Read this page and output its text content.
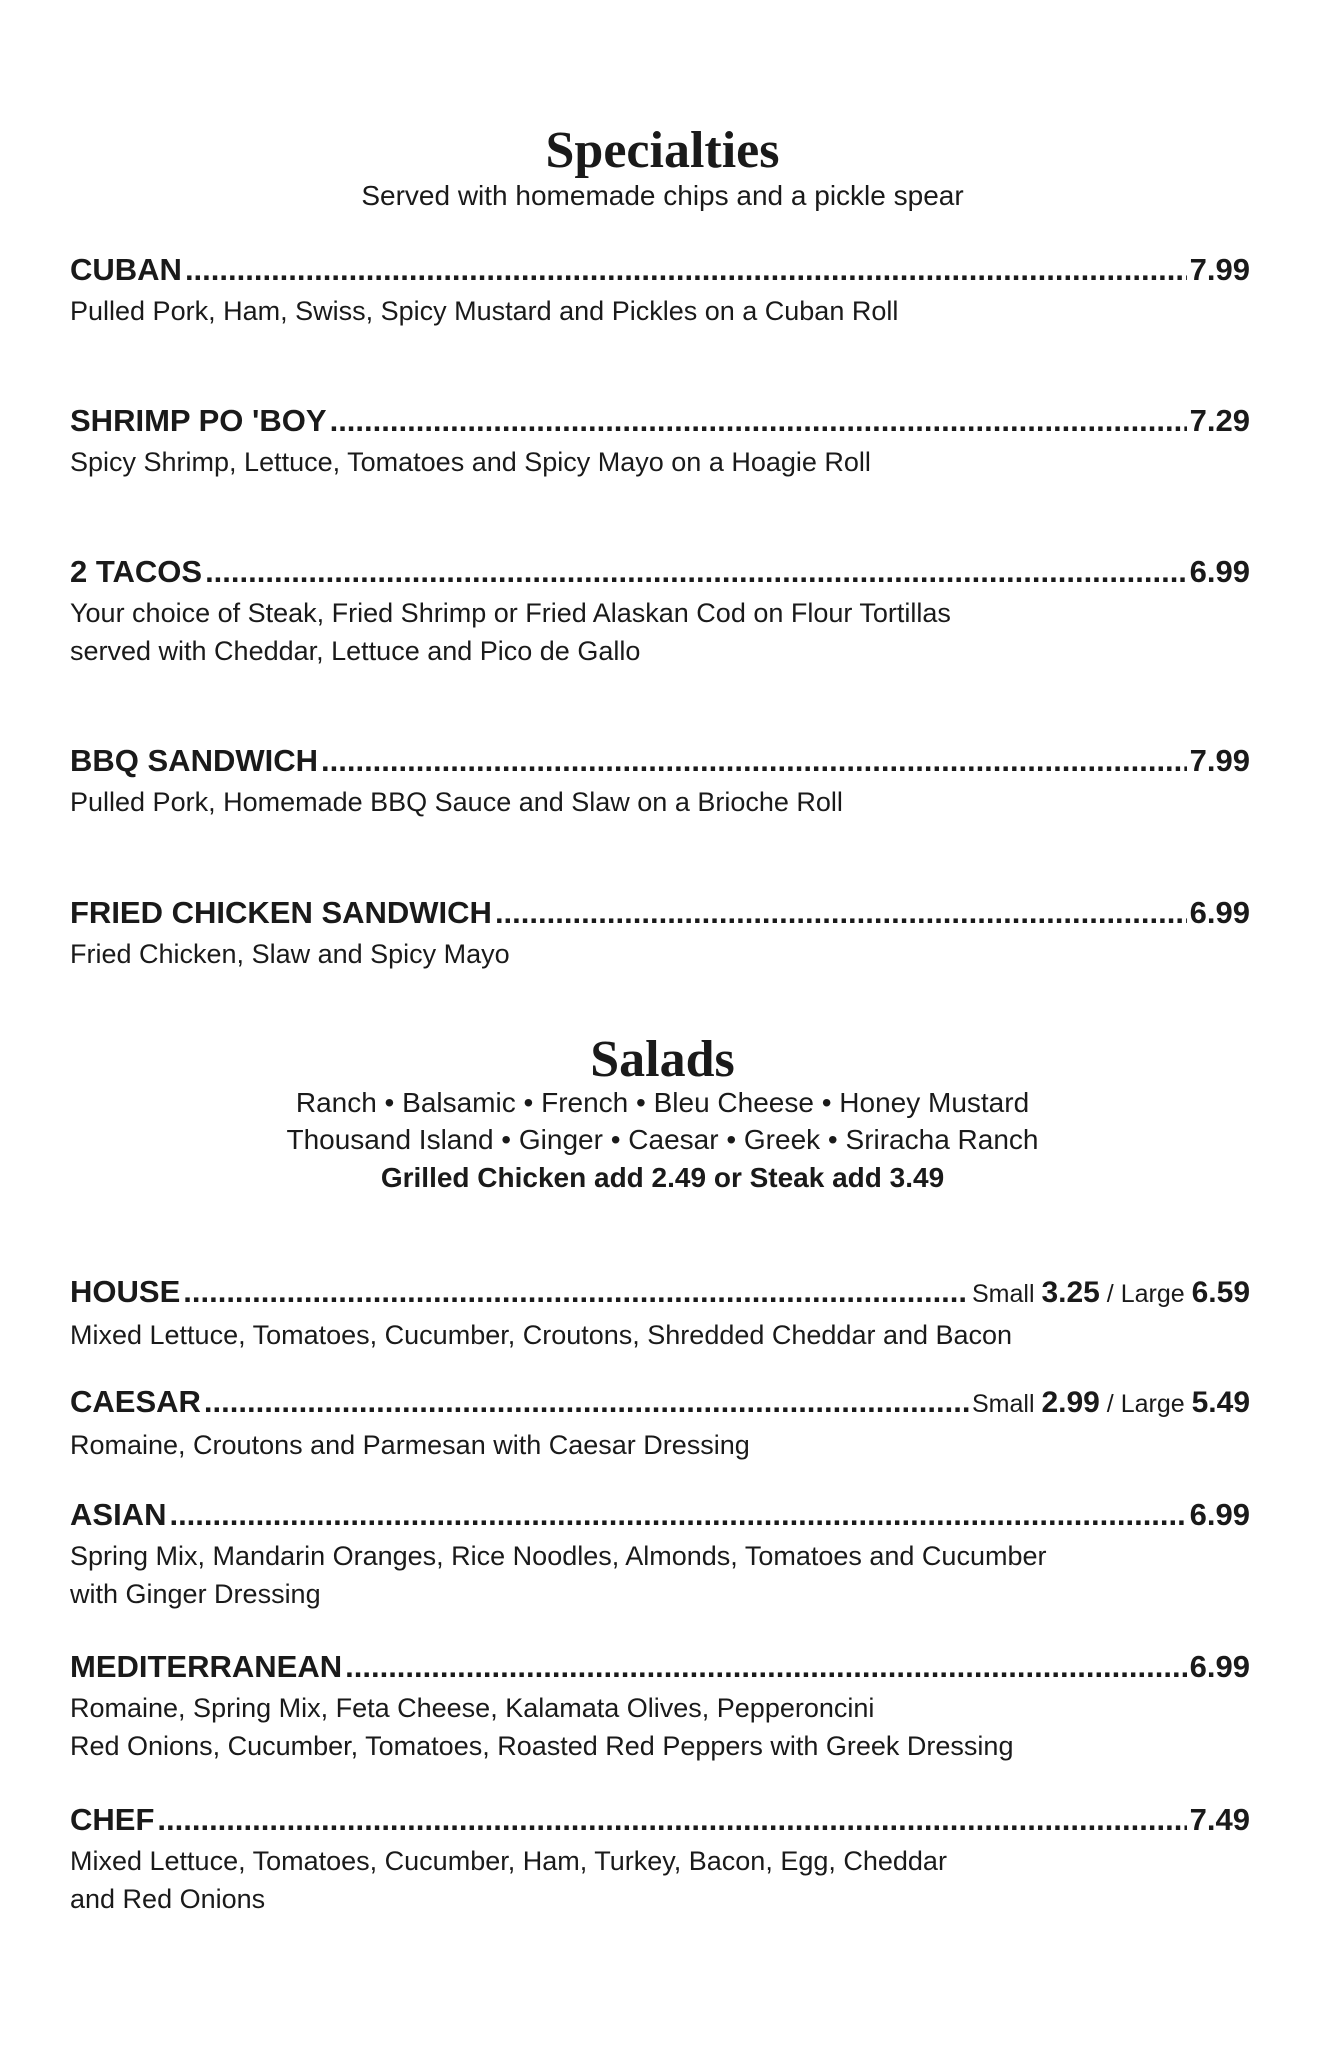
Specialties
Served with homemade chips and a pickle spear
CUBAN .....	7.99
Pulled Pork, Ham, Swiss, Spicy Mustard and Pickles on a Cuban Roll
SHRIMP PO 'BOY .....	7.29
Spicy Shrimp, Lettuce, Tomatoes and Spicy Mayo on a Hoagie Roll
2 TACOS .....	6.99
Your choice of Steak, Fried Shrimp or Fried Alaskan Cod on Flour Tortillas
served with Cheddar, Lettuce and Pico de Gallo
BBQ SANDWICH .....	7.99
Pulled Pork, Homemade BBQ Sauce and Slaw on a Brioche Roll
FRIED CHICKEN SANDWICH .....	6.99
Fried Chicken, Slaw and Spicy Mayo
Salads
Ranch • Balsamic • French • Bleu Cheese • Honey Mustard
Thousand Island • Ginger • Caesar • Greek • Sriracha Ranch
Grilled Chicken add 2.49 or Steak add 3.49
HOUSE .....	Small 3.25 / Large 6.59
Mixed Lettuce, Tomatoes, Cucumber, Croutons, Shredded Cheddar and Bacon
CAESAR .....	Small 2.99 / Large 5.49
Romaine, Croutons and Parmesan with Caesar Dressing
ASIAN .....	6.99
Spring Mix, Mandarin Oranges, Rice Noodles, Almonds, Tomatoes and Cucumber
with Ginger Dressing
MEDITERRANEAN .....	6.99
Romaine, Spring Mix, Feta Cheese, Kalamata Olives, Pepperoncini
Red Onions, Cucumber, Tomatoes, Roasted Red Peppers with Greek Dressing
CHEF .....	7.49
Mixed Lettuce, Tomatoes, Cucumber, Ham, Turkey, Bacon, Egg, Cheddar
and Red Onions
